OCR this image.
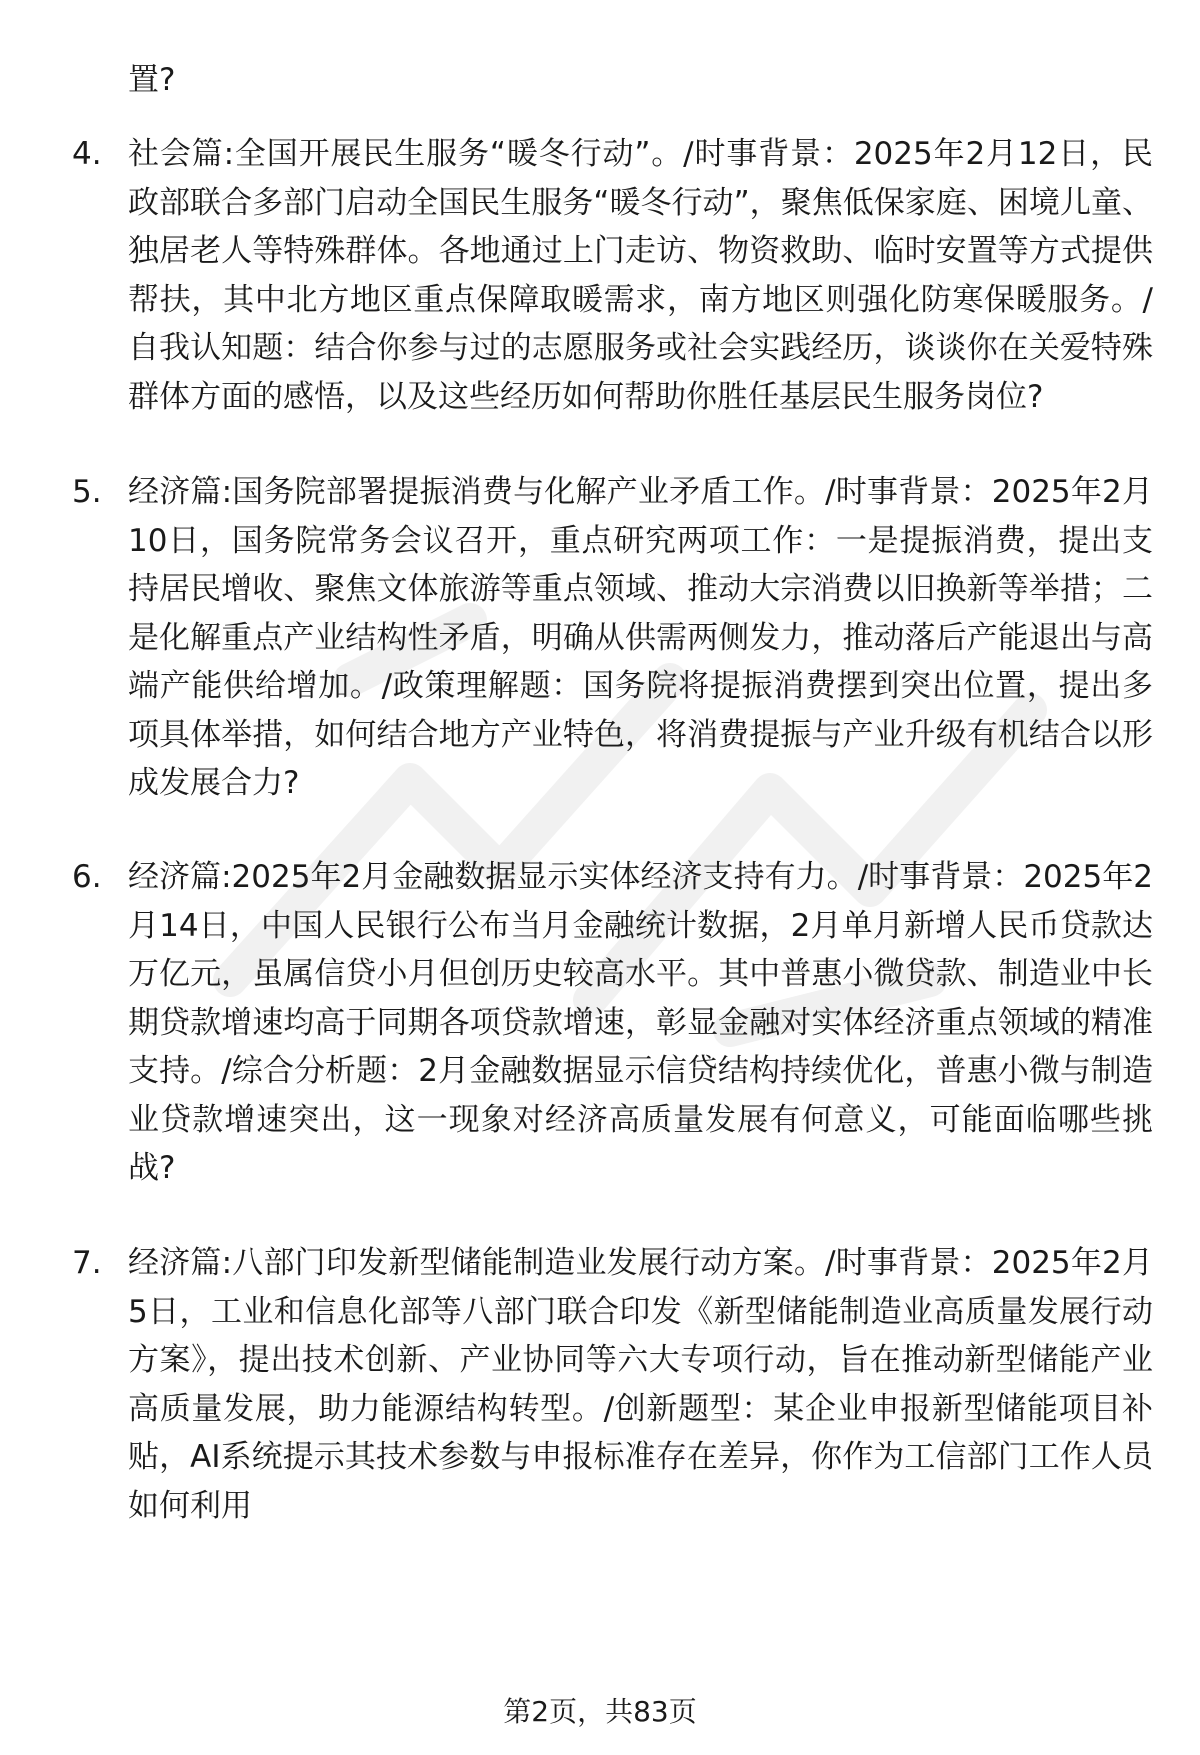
置?
4. 社会篇:全国开展民生服务“暖冬行动”。/时事背景：2025年2月12日，民政部联合多部门启动全国民生服务“暖冬行动”，聚焦低保家庭、困境儿童、独居老人等特殊群体。各地通过上门走访、物资救助、临时安置等方式提供帮扶，其中北方地区重点保障取暖需求，南方地区则强化防寒保暖服务。/自我认知题：结合你参与过的志愿服务或社会实践经历，谈谈你在关爱特殊群体方面的感悟，以及这些经历如何帮助你胜任基层民生服务岗位?
5. 经济篇:国务院部署提振消费与化解产业矛盾工作。/时事背景：2025年2月10日，国务院常务会议召开，重点研究两项工作：一是提振消费，提出支持居民增收、聚焦文体旅游等重点领域、推动大宗消费以旧换新等举措；二是化解重点产业结构性矛盾，明确从供需两侧发力，推动落后产能退出与高端产能供给增加。/政策理解题：国务院将提振消费摆到突出位置，提出多项具体举措，如何结合地方产业特色，将消费提振与产业升级有机结合以形成发展合力?
6. 经济篇:2025年2月金融数据显示实体经济支持有力。/时事背景：2025年2月14日，中国人民银行公布当月金融统计数据，2月单月新增人民币贷款达万亿元，虽属信贷小月但创历史较高水平。其中普惠小微贷款、制造业中长期贷款增速均高于同期各项贷款增速，彰显金融对实体经济重点领域的精准支持。/综合分析题：2月金融数据显示信贷结构持续优化，普惠小微与制造业贷款增速突出，这一现象对经济高质量发展有何意义，可能面临哪些挑战?
7. 经济篇:八部门印发新型储能制造业发展行动方案。/时事背景：2025年2月5日，工业和信息化部等八部门联合印发《新型储能制造业高质量发展行动方案》，提出技术创新、产业协同等六大专项行动，旨在推动新型储能产业高质量发展，助力能源结构转型。/创新题型：某企业申报新型储能项目补贴，AI系统提示其技术参数与申报标准存在差异，你作为工信部门工作人员如何利用
第2页，共83页
